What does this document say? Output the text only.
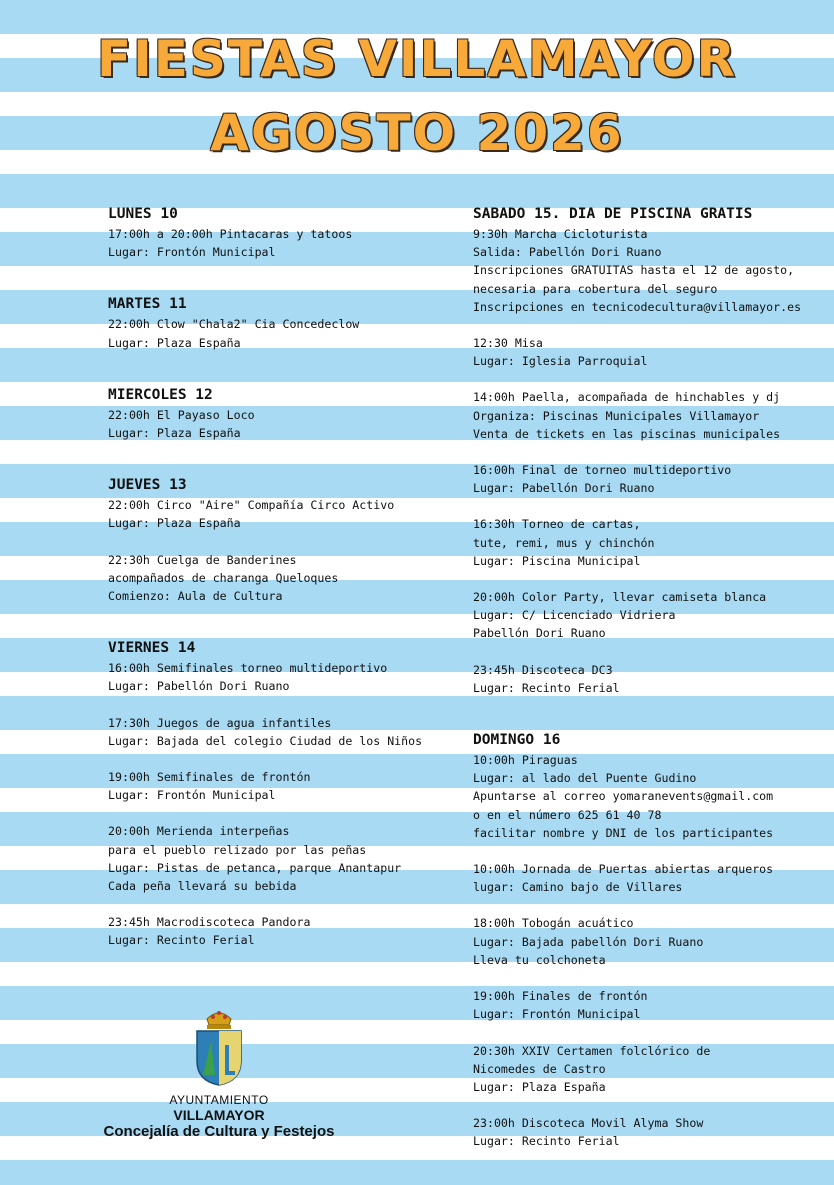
FIESTAS VILLAMAYOR
AGOSTO 2026
LUNES 10
17:00h a 20:00h Pintacaras y tatoos
Lugar: Frontón Municipal
MARTES 11
22:00h Clow "Chala2" Cia Concedeclow
Lugar: Plaza España
MIERCOLES 12
22:00h El Payaso Loco
Lugar: Plaza España
JUEVES 13
22:00h Circo "Aire" Compañía Circo Activo
Lugar: Plaza España
22:30h Cuelga de Banderines
acompañados de charanga Queloques
Comienzo: Aula de Cultura
VIERNES 14
16:00h Semifinales torneo multideportivo
Lugar: Pabellón Dori Ruano
17:30h Juegos de agua infantiles
Lugar: Bajada del colegio Ciudad de los Niños
19:00h Semifinales de frontón
Lugar: Frontón Municipal
20:00h Merienda interpeñas
para el pueblo relizado por las peñas
Lugar: Pistas de petanca, parque Anantapur
Cada peña llevará su bebida
23:45h Macrodiscoteca Pandora
Lugar: Recinto Ferial
SABADO 15. DIA DE PISCINA GRATIS
9:30h Marcha Cicloturista
Salida: Pabellón Dori Ruano
Inscripciones GRATUITAS hasta el 12 de agosto,
necesaria para cobertura del seguro
Inscripciones en tecnicodecultura@villamayor.es
12:30 Misa
Lugar: Iglesia Parroquial
14:00h Paella, acompañada de hinchables y dj
Organiza: Piscinas Municipales Villamayor
Venta de tickets en las piscinas municipales
16:00h Final de torneo multideportivo
Lugar: Pabellón Dori Ruano
16:30h Torneo de cartas,
tute, remi, mus y chinchón
Lugar: Piscina Municipal
20:00h Color Party, llevar camiseta blanca
Lugar: C/ Licenciado Vidriera
Pabellón Dori Ruano
23:45h Discoteca DC3
Lugar: Recinto Ferial
DOMINGO 16
10:00h Piraguas
Lugar: al lado del Puente Gudino
Apuntarse al correo yomaranevents@gmail.com
o en el número 625 61 40 78
facilitar nombre y DNI de los participantes
10:00h Jornada de Puertas abiertas arqueros
lugar: Camino bajo de Villares
18:00h Tobogán acuático
Lugar: Bajada pabellón Dori Ruano
Lleva tu colchoneta
19:00h Finales de frontón
Lugar: Frontón Municipal
20:30h XXIV Certamen folclórico de
Nicomedes de Castro
Lugar: Plaza España
23:00h Discoteca Movil Alyma Show
Lugar: Recinto Ferial
AYUNTAMIENTO
VILLAMAYOR
Concejalía de Cultura y Festejos
